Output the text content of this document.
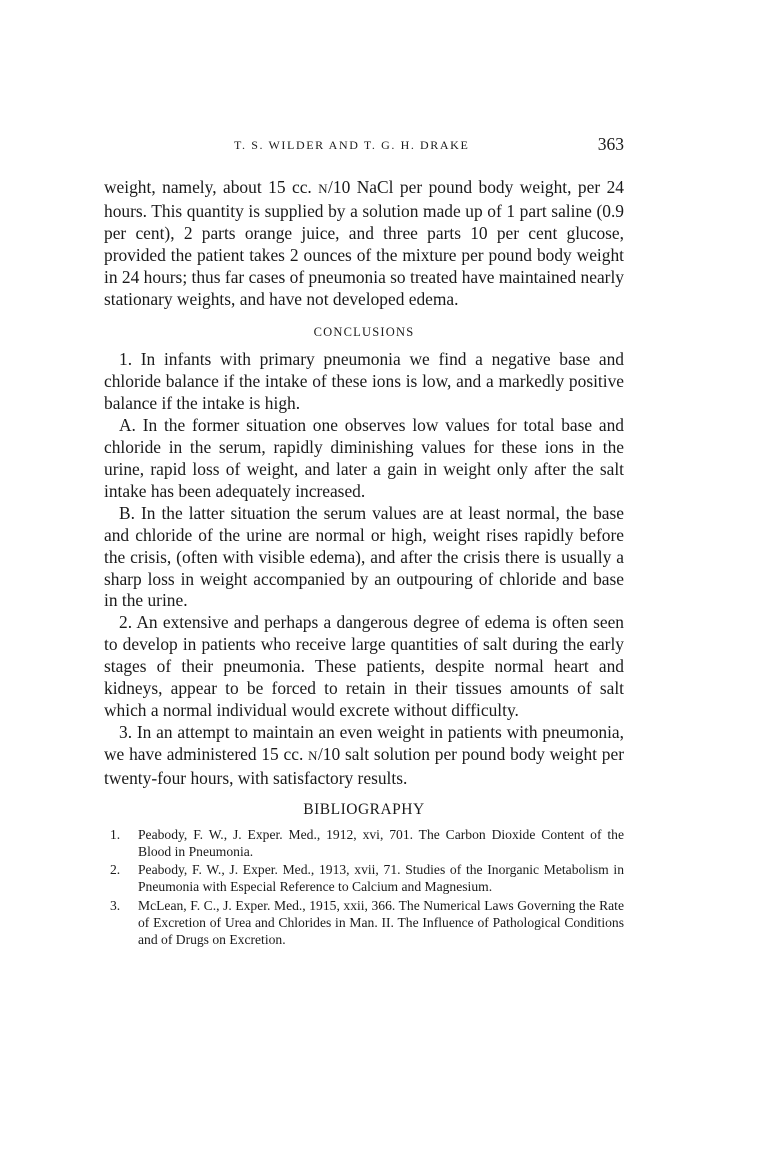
T. S. WILDER AND T. G. H. DRAKE	363

weight, namely, about 15 cc. N/10 NaCl per pound body weight, per 24 hours. This quantity is supplied by a solution made up of 1 part saline (0.9 per cent), 2 parts orange juice, and three parts 10 per cent glucose, provided the patient takes 2 ounces of the mixture per pound body weight in 24 hours; thus far cases of pneumonia so treated have maintained nearly stationary weights, and have not developed edema.

CONCLUSIONS

1. In infants with primary pneumonia we find a negative base and chloride balance if the intake of these ions is low, and a markedly positive balance if the intake is high.

A. In the former situation one observes low values for total base and chloride in the serum, rapidly diminishing values for these ions in the urine, rapid loss of weight, and later a gain in weight only after the salt intake has been adequately increased.

B. In the latter situation the serum values are at least normal, the base and chloride of the urine are normal or high, weight rises rapidly before the crisis, (often with visible edema), and after the crisis there is usually a sharp loss in weight accompanied by an outpouring of chloride and base in the urine.

2. An extensive and perhaps a dangerous degree of edema is often seen to develop in patients who receive large quantities of salt during the early stages of their pneumonia. These patients, despite normal heart and kidneys, appear to be forced to retain in their tissues amounts of salt which a normal individual would excrete without difficulty.

3. In an attempt to maintain an even weight in patients with pneumonia, we have administered 15 cc. N/10 salt solution per pound body weight per twenty-four hours, with satisfactory results.

BIBLIOGRAPHY
1. Peabody, F. W., J. Exper. Med., 1912, xvi, 701. The Carbon Dioxide Content of the Blood in Pneumonia.
2. Peabody, F. W., J. Exper. Med., 1913, xvii, 71. Studies of the Inorganic Metabolism in Pneumonia with Especial Reference to Calcium and Magnesium.
3. McLean, F. C., J. Exper. Med., 1915, xxii, 366. The Numerical Laws Governing the Rate of Excretion of Urea and Chlorides in Man. II. The Influence of Pathological Conditions and of Drugs on Excretion.
